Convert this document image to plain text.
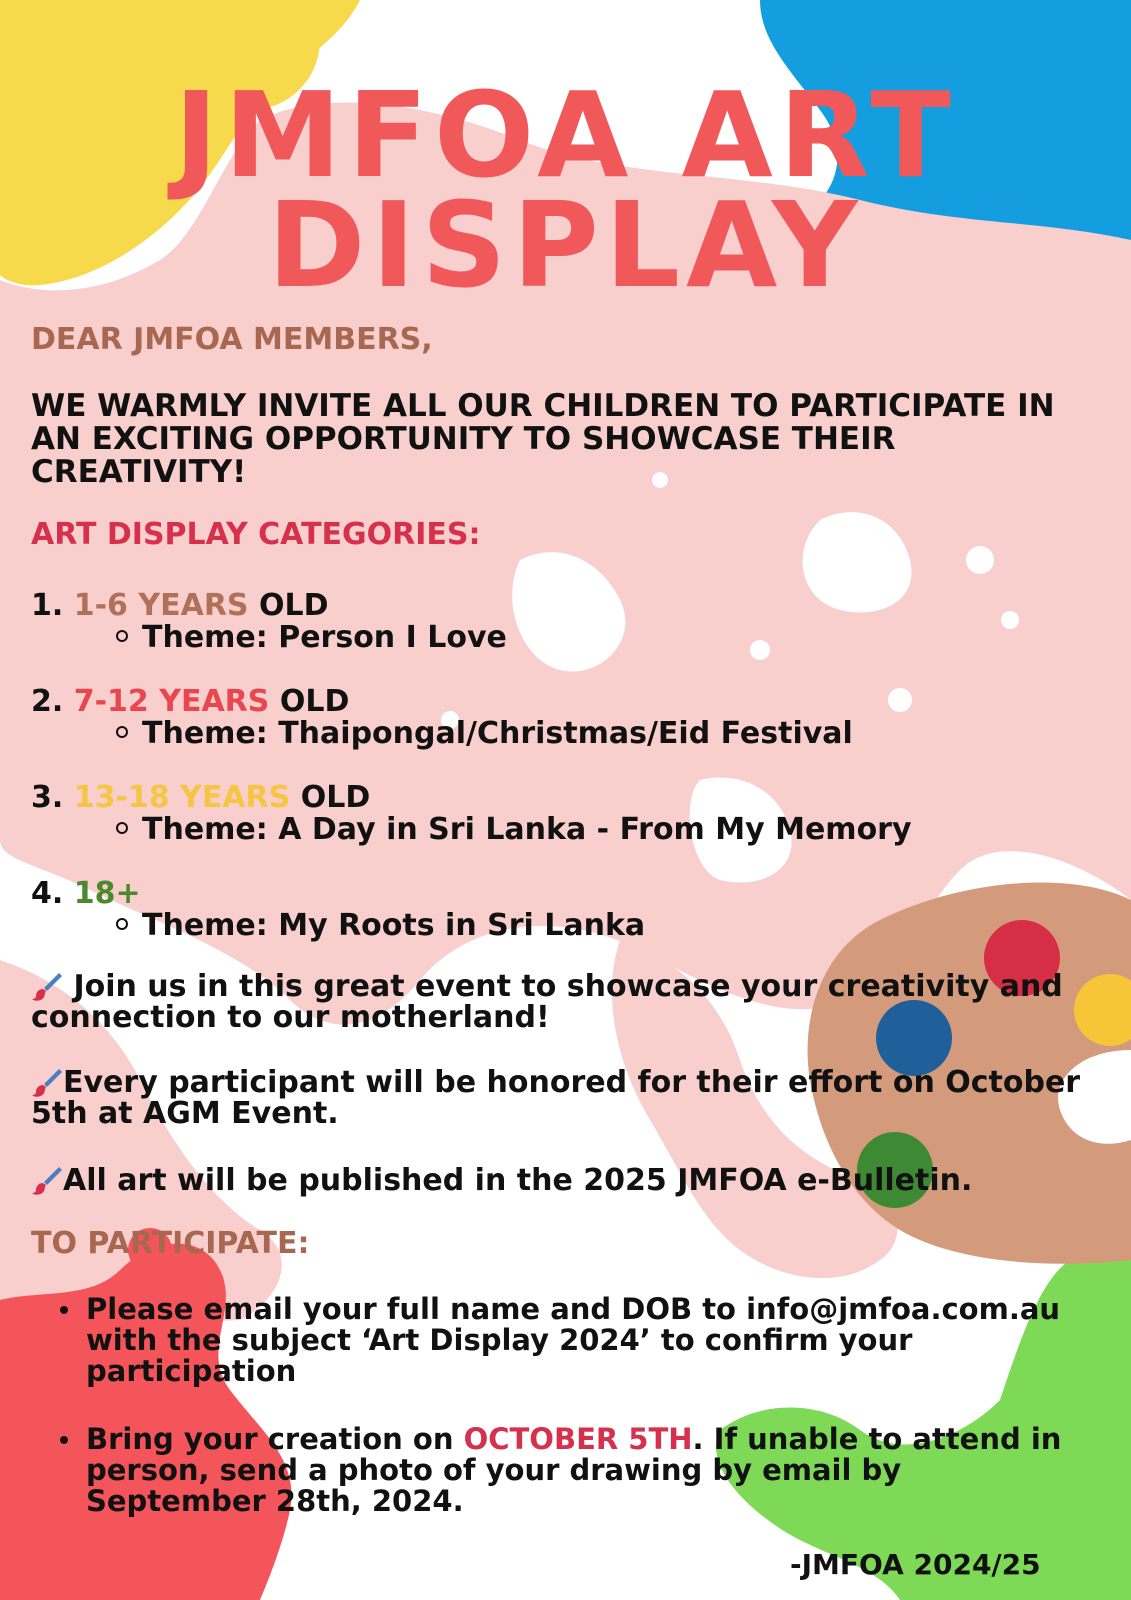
JMFOA ART
DISPLAY
DEAR JMFOA MEMBERS,
WE WARMLY INVITE ALL OUR CHILDREN TO PARTICIPATE IN AN EXCITING OPPORTUNITY TO SHOWCASE THEIR CREATIVITY!
ART DISPLAY CATEGORIES:
1. 1-6 YEARS OLD
Theme: Person I Love
2. 7-12 YEARS OLD
Theme: Thaipongal/Christmas/Eid Festival
3. 13-18 YEARS OLD
Theme: A Day in Sri Lanka - From My Memory
4. 18+
Theme: My Roots in Sri Lanka
Join us in this great event to showcase your creativity and connection to our motherland!
Every participant will be honored for their effort on October 5th at AGM Event.
All art will be published in the 2025 JMFOA e-Bulletin.
TO PARTICIPATE:
Please email your full name and DOB to info@jmfoa.com.au with the subject ‘Art Display 2024’ to confirm your participation
Bring your creation on OCTOBER 5TH. If unable to attend in person, send a photo of your drawing by email by September 28th, 2024.
-JMFOA 2024/25
